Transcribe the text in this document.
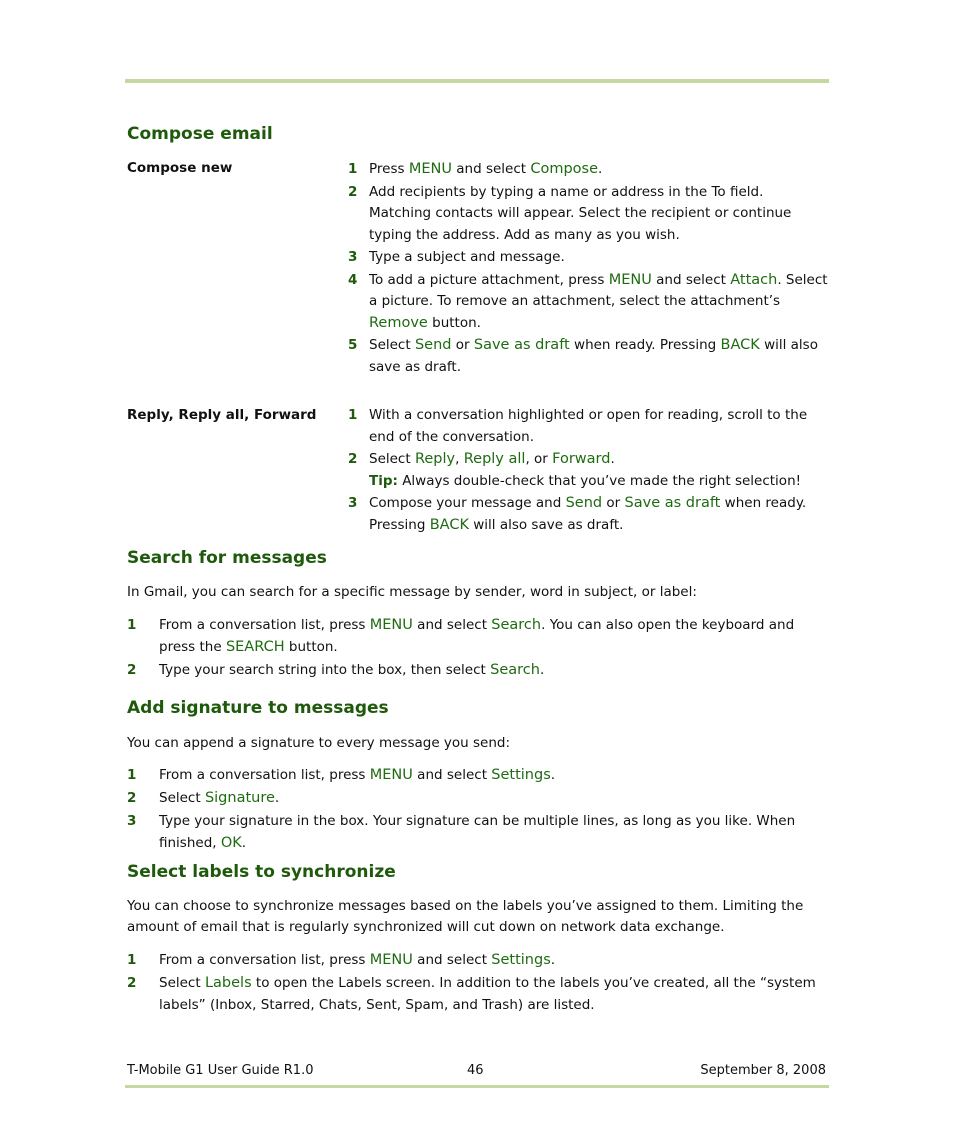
Compose email
Compose new	1 Press MENU and select Compose.
2 Add recipients by typing a name or address in the To field. Matching contacts will appear. Select the recipient or continue typing the address. Add as many as you wish.
3 Type a subject and message.
4 To add a picture attachment, press MENU and select Attach. Select a picture. To remove an attachment, select the attachment’s Remove button.
5 Select Send or Save as draft when ready. Pressing BACK will also save as draft.
Reply, Reply all, Forward 1 With a conversation highlighted or open for reading, scroll to the end of the conversation.
2 Select Reply, Reply all, or Forward.
Tip: Always double-check that you’ve made the right selection!
3 Compose your message and Send or Save as draft when ready. Pressing BACK will also save as draft.
Search for messages

In Gmail, you can search for a specific message by sender, word in subject, or label:

1 From a conversation list, press MENU and select Search. You can also open the keyboard and press the SEARCH button.
2 Type your search string into the box, then select Search.
Add signature to messages

You can append a signature to every message you send:

1 From a conversation list, press MENU and select Settings.
2 Select Signature.
3 Type your signature in the box. Your signature can be multiple lines, as long as you like. When finished, OK.
Select labels to synchronize

You can choose to synchronize messages based on the labels you’ve assigned to them. Limiting the amount of email that is regularly synchronized will cut down on network data exchange.

1 From a conversation list, press MENU and select Settings.
2 Select Labels to open the Labels screen. In addition to the labels you’ve created, all the “system labels” (Inbox, Starred, Chats, Sent, Spam, and Trash) are listed.
T-Mobile G1 User Guide R1.0	46	September 8, 2008
